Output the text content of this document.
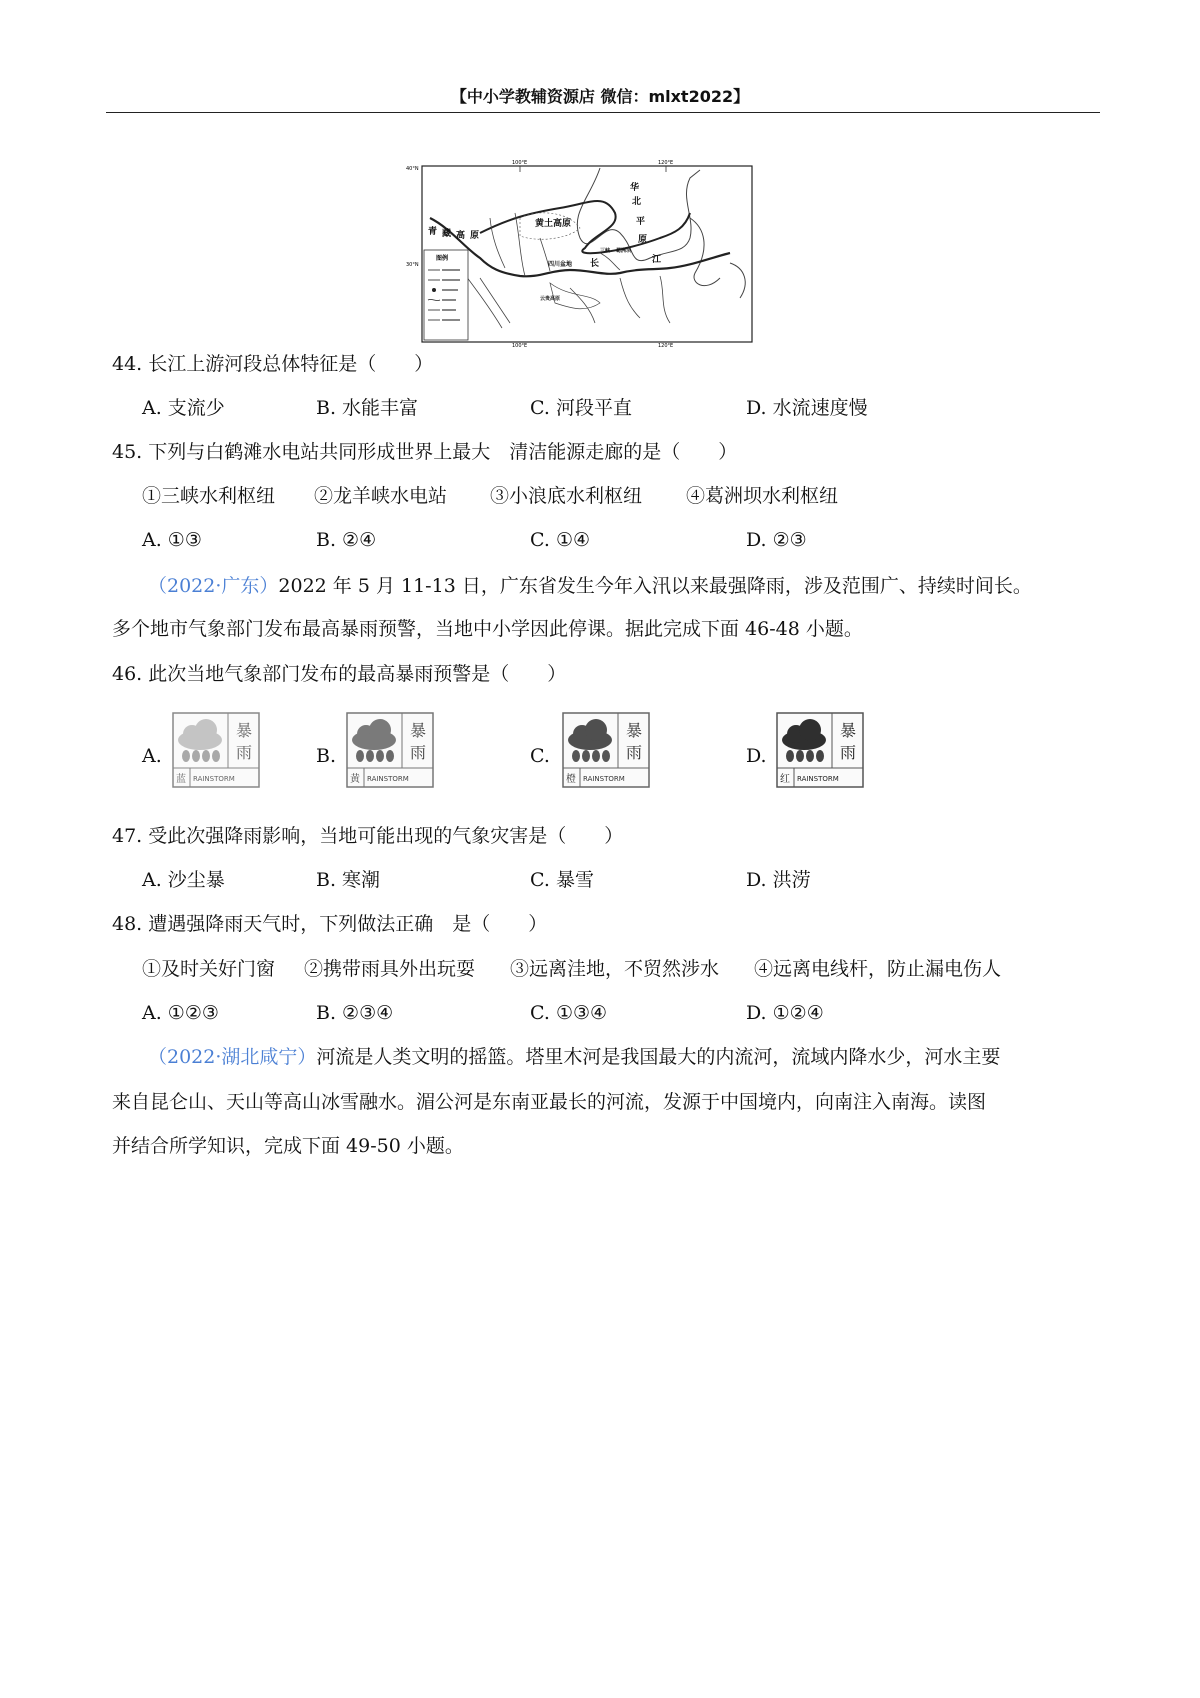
【中小学教辅资源店 微信：mlxt2022】
100°E	120°E
100°E	120°E
40°N
30°N
黄土高原
华
北
平
原
青 藏 高 原
三峡 葛洲坝
四川盆地
云贵高原
长	江
图例
44. 长江上游河段总体特征是（　　）
A. 支流少	B. 水能丰富	C. 河段平直	D. 水流速度慢
45. 下列与白鹤滩水电站共同形成世界上最大　清洁能源走廊的是（　　）
①三峡水利枢纽 ②龙羊峡水电站 ③小浪底水利枢纽 ④葛洲坝水利枢纽
A. ①③	B. ②④	C. ①④	D. ②③
（2022·广东）2022 年 5 月 11-13 日，广东省发生今年入汛以来最强降雨，涉及范围广、持续时间长。
多个地市气象部门发布最高暴雨预警，当地中小学因此停课。据此完成下面 46-48 小题。
46. 此次当地气象部门发布的最高暴雨预警是（　　）
A.	B.	C.	D.
暴
雨
蓝 RAINSTORM
暴
雨
黄 RAINSTORM
暴
雨
橙 RAINSTORM
暴
雨
红 RAINSTORM
47. 受此次强降雨影响，当地可能出现的气象灾害是（　　）
A. 沙尘暴	B. 寒潮	C. 暴雪	D. 洪涝
48. 遭遇强降雨天气时，下列做法正确　是（　　）
①及时关好门窗 ②携带雨具外出玩耍 ③远离洼地，不贸然涉水 ④远离电线杆，防止漏电伤人
A. ①②③	B. ②③④	C. ①③④	D. ①②④
（2022·湖北咸宁）河流是人类文明的摇篮。塔里木河是我国最大的内流河，流域内降水少，河水主要
来自昆仑山、天山等高山冰雪融水。湄公河是东南亚最长的河流，发源于中国境内，向南注入南海。读图
并结合所学知识，完成下面 49-50 小题。
